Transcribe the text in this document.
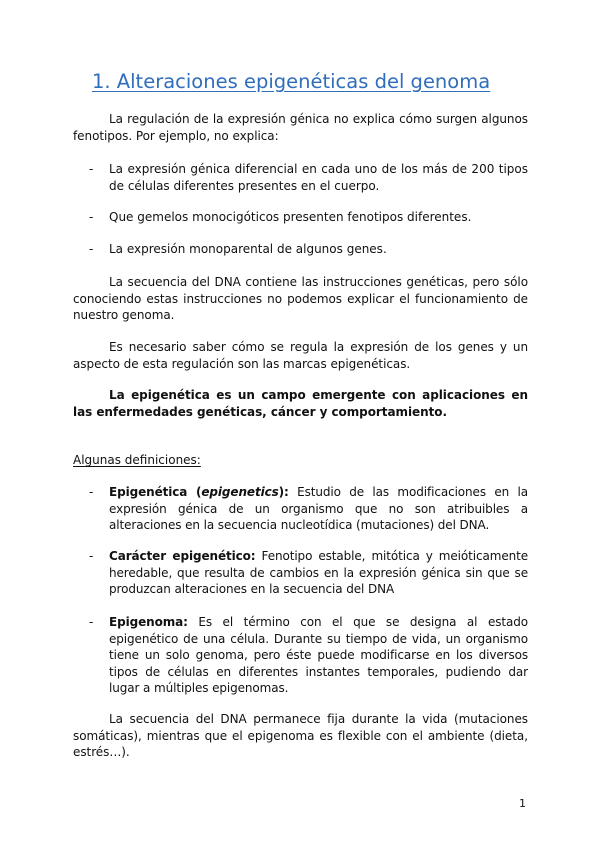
1. Alteraciones epigenéticas del genoma

La regulación de la expresión génica no explica cómo surgen algunos fenotipos. Por ejemplo, no explica:

- La expresión génica diferencial en cada uno de los más de 200 tipos de células diferentes presentes en el cuerpo.
- Que gemelos monocigóticos presenten fenotipos diferentes.
- La expresión monoparental de algunos genes.

La secuencia del DNA contiene las instrucciones genéticas, pero sólo conociendo estas instrucciones no podemos explicar el funcionamiento de nuestro genoma.

Es necesario saber cómo se regula la expresión de los genes y un aspecto de esta regulación son las marcas epigenéticas.

La epigenética es un campo emergente con aplicaciones en las enfermedades genéticas, cáncer y comportamiento.

Algunas definiciones:

- Epigenética (epigenetics): Estudio de las modificaciones en la expresión génica de un organismo que no son atribuibles a alteraciones en la secuencia nucleotídica (mutaciones) del DNA.
- Carácter epigenético: Fenotipo estable, mitótica y meióticamente heredable, que resulta de cambios en la expresión génica sin que se produzcan alteraciones en la secuencia del DNA
- Epigenoma: Es el término con el que se designa al estado epigenético de una célula. Durante su tiempo de vida, un organismo tiene un solo genoma, pero éste puede modificarse en los diversos tipos de células en diferentes instantes temporales, pudiendo dar lugar a múltiples epigenomas.

La secuencia del DNA permanece fija durante la vida (mutaciones somáticas), mientras que el epigenoma es flexible con el ambiente (dieta, estrés…).

1
